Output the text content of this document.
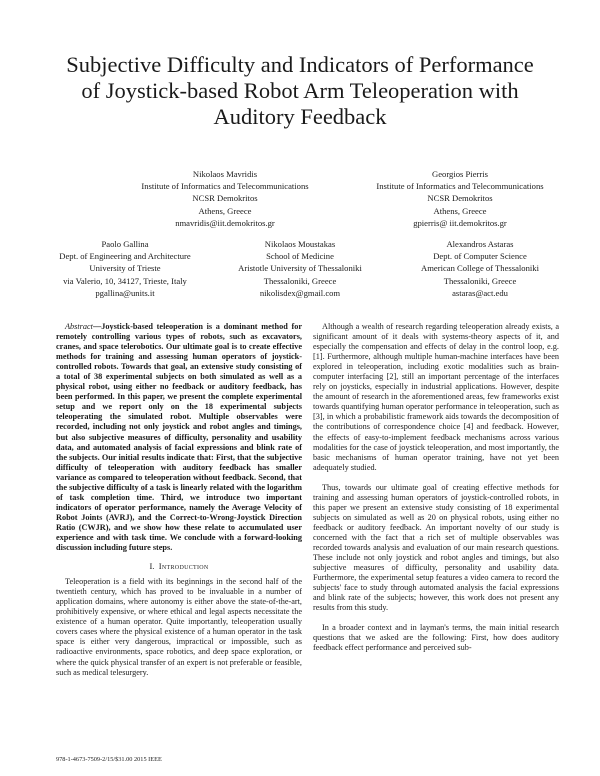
Subjective Difficulty and Indicators of Performance
of Joystick-based Robot Arm Teleoperation with
Auditory Feedback
Nikolaos Mavridis
Institute of Informatics and Telecommunications
NCSR Demokritos
Athens, Greece
nmavridis@iit.demokritos.gr
Georgios Pierris
Institute of Informatics and Telecommunications
NCSR Demokritos
Athens, Greece
gpierris@ iit.demokritos.gr
Paolo Gallina
Dept. of Engineering and Architecture
University of Trieste
via Valerio, 10, 34127, Trieste, Italy
pgallina@units.it
Nikolaos Moustakas
School of Medicine
Aristotle University of Thessaloniki
Thessaloniki, Greece
nikolisdex@gmail.com
Alexandros Astaras
Dept. of Computer Science
American College of Thessaloniki
Thessaloniki, Greece
astaras@act.edu

Abstract—Joystick-based teleoperation is a dominant method for remotely controlling various types of robots, such as excavators, cranes, and space telerobotics. Our ultimate goal is to create effective methods for training and assessing human operators of joystick-controlled robots. Towards that goal, an extensive study consisting of a total of 38 experimental subjects on both simulated as well as a physical robot, using either no feedback or auditory feedback, has been performed. In this paper, we present the complete experimental setup and we report only on the 18 experimental subjects teleoperating the simulated robot. Multiple observables were recorded, including not only joystick and robot angles and timings, but also subjective measures of difficulty, personality and usability data, and automated analysis of facial expressions and blink rate of the subjects. Our initial results indicate that: First, that the subjective difficulty of teleoperation with auditory feedback has smaller variance as compared to teleoperation without feedback. Second, that the subjective difficulty of a task is linearly related with the logarithm of task completion time. Third, we introduce two important indicators of operator performance, namely the Average Velocity of Robot Joints (AVRJ), and the Correct-to-Wrong-Joystick Direction Ratio (CWJR), and we show how these relate to accumulated user experience and with task time. We conclude with a forward-looking discussion including future steps.

I. Introduction

Teleoperation is a field with its beginnings in the second half of the twentieth century, which has proved to be invaluable in a number of application domains, where autonomy is either above the state-of-the-art, prohibitively expensive, or where ethical and legal aspects necessitate the existence of a human operator. Quite importantly, teleoperation usually covers cases where the physical existence of a human operator in the task space is either very dangerous, impractical or impossible, such as radioactive environments, space robotics, and deep space exploration, or where the quick physical transfer of an expert is not preferable or feasible, such as medical telesurgery.

Although a wealth of research regarding teleoperation already exists, a significant amount of it deals with systems-theory aspects of it, and especially the compensation and effects of delay in the control loop, e.g. [1]. Furthermore, although multiple human-machine interfaces have been explored in teleoperation, including exotic modalities such as brain-computer interfacing [2], still an important percentage of the interfaces rely on joysticks, especially in industrial applications. However, despite the amount of research in the aforementioned areas, few frameworks exist towards quantifying human operator performance in teleoperation, such as [3], in which a probabilistic framework aids towards the decomposition of the contributions of correspondence choice [4] and feedback. However, the effects of easy-to-implement feedback mechanisms across various modalities for the case of joystick teleoperation, and most importantly, the basic mechanisms of human operator training, have not yet been adequately studied.

Thus, towards our ultimate goal of creating effective methods for training and assessing human operators of joystick-controlled robots, in this paper we present an extensive study consisting of 18 experimental subjects on simulated as well as 20 on physical robots, using either no feedback or auditory feedback. An important novelty of our study is concerned with the fact that a rich set of multiple observables was recorded towards analysis and evaluation of our main research questions. These include not only joystick and robot angles and timings, but also subjective measures of difficulty, personality and usability data. Furthermore, the experimental setup features a video camera to record the subjects' face to study through automated analysis the facial expressions and blink rate of the subjects; however, this work does not present any results from this study.

In a broader context and in layman's terms, the main initial research questions that we asked are the following: First, how does auditory feedback effect performance and perceived sub-

978-1-4673-7509-2/15/$31.00 2015 IEEE
